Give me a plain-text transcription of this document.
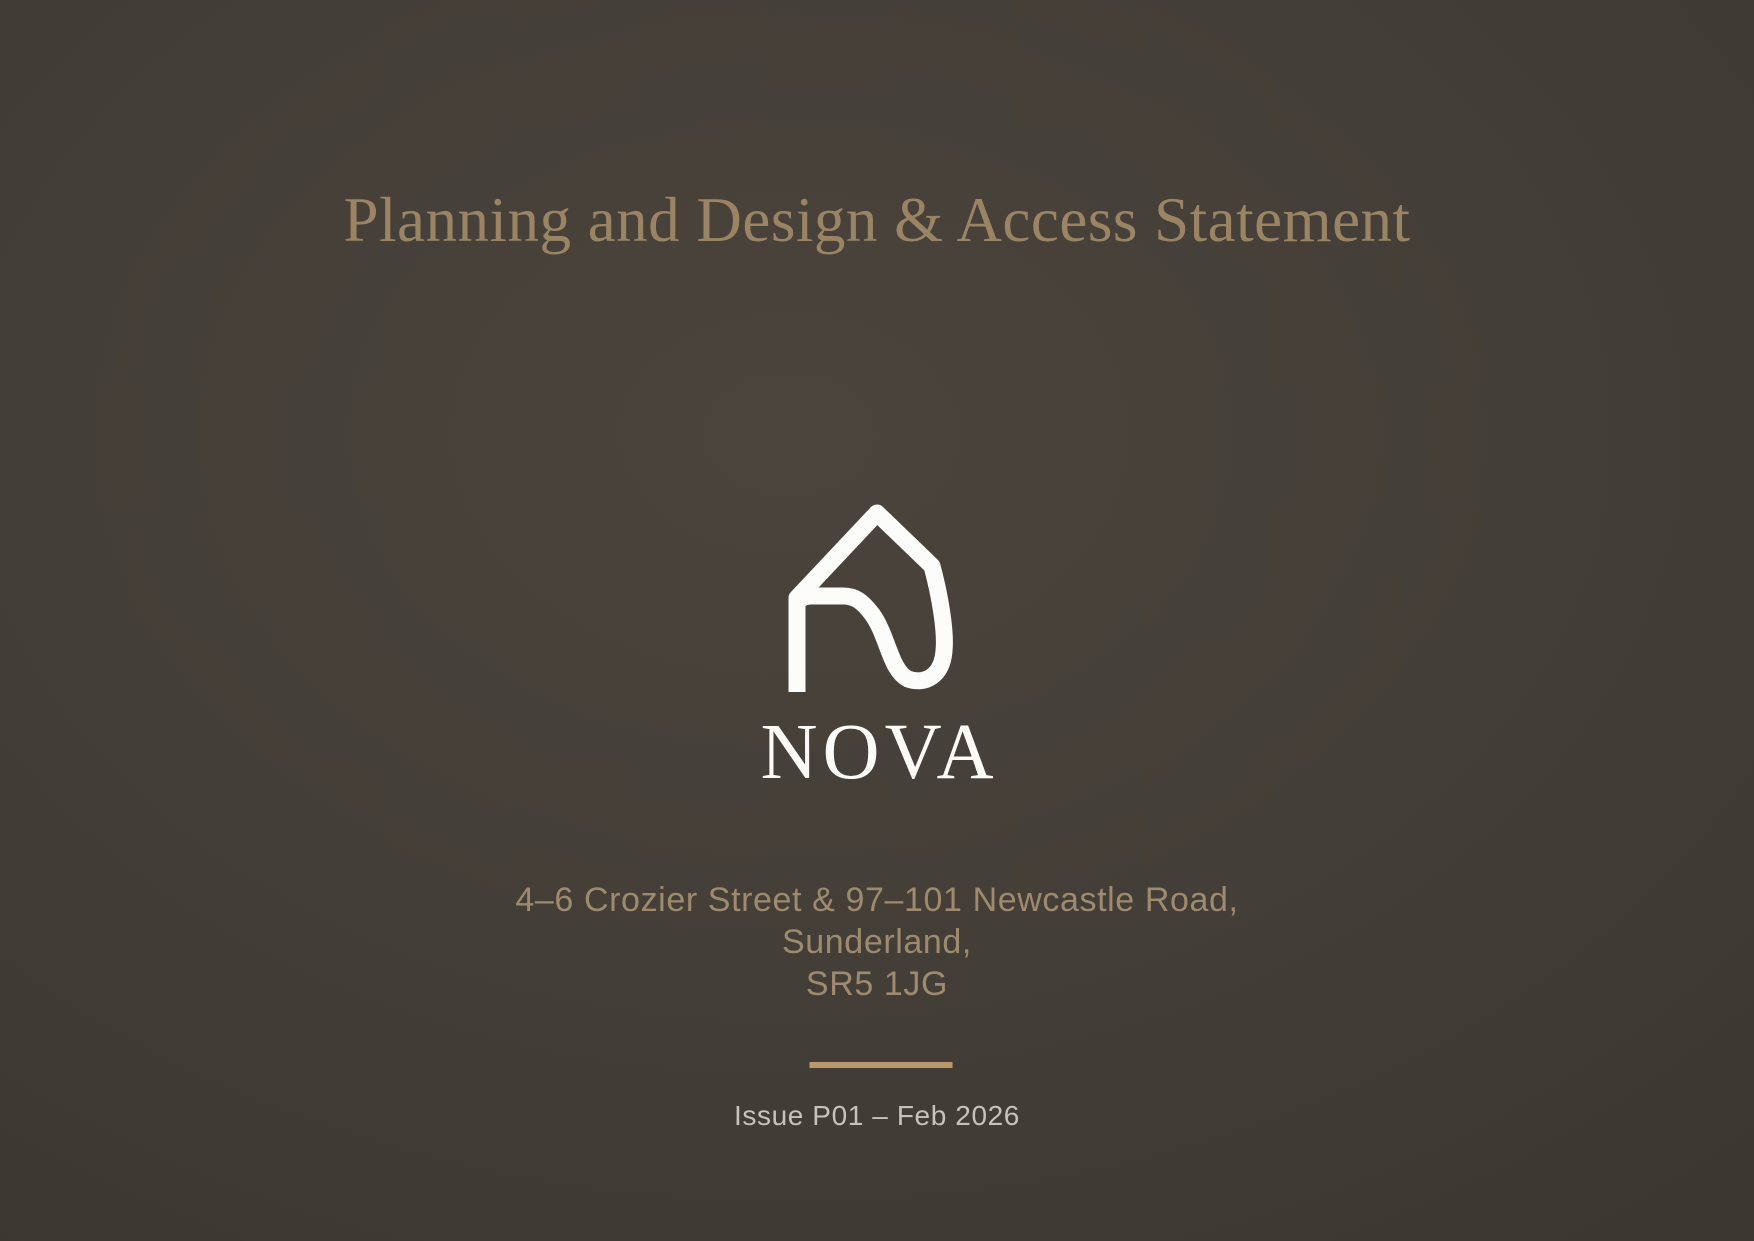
Planning and Design & Access Statement
NOVA
4–6 Crozier Street & 97–101 Newcastle Road,
Sunderland,
SR5 1JG
Issue P01 – Feb 2026
